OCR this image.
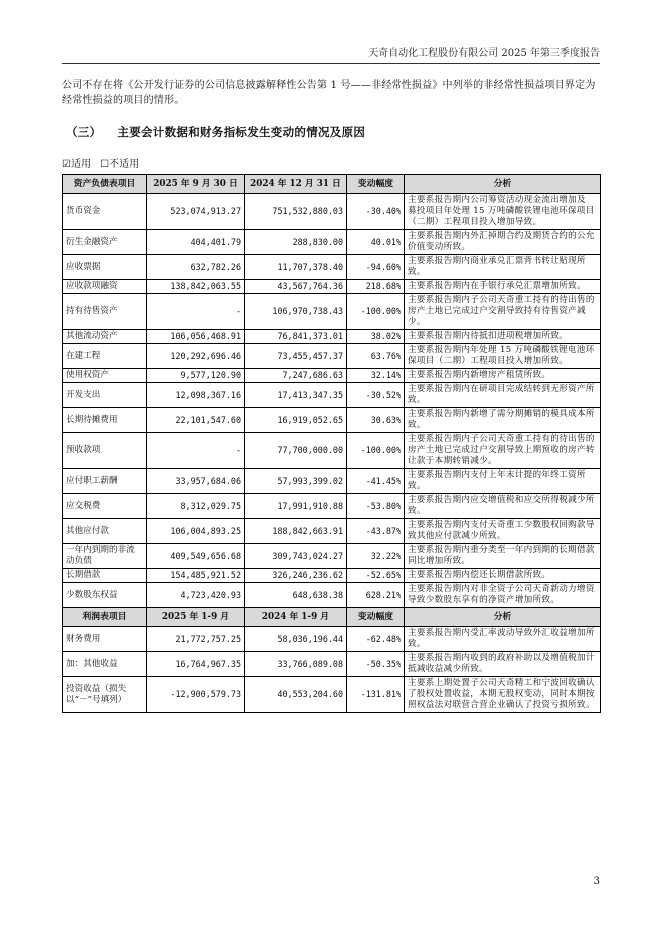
天奇自动化工程股份有限公司 2025 年第三季度报告
公司不存在将《公开发行证券的公司信息披露解释性公告第 1 号——非经常性损益》中列举的非经常性损益项目界定为经常性损益的项目的情形。
（三） 主要会计数据和财务指标发生变动的情况及原因
☑适用 ☐不适用
资产负债表项目	2025 年 9 月 30 日	2024 年 12 月 31 日	变动幅度	分析
货币资金	523,074,913.27	751,532,880.03	-30.40%	主要系报告期内公司筹资活动现金流出增加及　募投项目年处理 15 万吨磷酸铁锂电池环保项目（二期）工程项目投入增加导致。
衍生金融资产	404,401.79	288,830.00	40.01%	主要系报告期内外汇掉期合约及期货合约的公允价值变动所致。
应收票据	632,782.26	11,707,378.40	-94.60%	主要系报告期内商业承兑汇票背书转让贴现所致。
应收款项融资	138,842,063.55	43,567,764.36	218.68%	主要系报告期内在手银行承兑汇票增加所致。
持有待售资产	-	106,970,738.43	-100.00%	主要系报告期内子公司天奇重工持有的待出售的房产土地已完成过户交割导致持有待售资产减少。
其他流动资产	106,056,468.91	76,841,373.01	38.02%	主要系报告期内待抵扣进项税增加所致。
在建工程	120,292,696.46	73,455,457.37	63.76%	主要系报告期内年处理 15 万吨磷酸铁锂电池环保项目（二期）工程项目投入增加所致。
使用权资产	9,577,120.90	7,247,686.63	32.14%	主要系报告期内新增房产租赁所致。
开发支出	12,098,367.16	17,413,347.35	-30.52%	主要系报告期内在研项目完成结转到无形资产所致。
长期待摊费用	22,101,547.60	16,919,052.65	30.63%	主要系报告期内新增了需分期摊销的模具成本所致。
预收款项	-	77,700,000.00	-100.00%	主要系报告期内子公司天奇重工持有的待出售的房产土地已完成过户交割导致上期预收的房产转让款于本期转销减少。
应付职工薪酬	33,957,684.06	57,993,399.02	-41.45%	主要系报告期内支付上年末计提的年终工资所致。
应交税费	8,312,029.75	17,991,910.88	-53.80%	主要系报告期内应交增值税和应交所得税减少所致。
其他应付款	106,004,893.25	188,842,663.91	-43.87%	主要系报告期内支付天奇重工少数股权回购款导致其他应付款减少所致。
一年内到期的非流动负债	409,549,656.68	309,743,024.27	32.22%	主要系报告期内重分类至一年内到期的长期借款同比增加所致。
长期借款	154,485,921.52	326,246,236.62	-52.65%	主要系报告期内偿还长期借款所致。
少数股东权益	4,723,420.93	648,638.38	628.21%	主要系报告期内对非全资子公司天奇新动力增资导致少数股东享有的净资产增加所致。
利润表项目	2025 年 1-9 月	2024 年 1-9 月	变动幅度	分析
财务费用	21,772,757.25	58,036,196.44	-62.48%	主要系报告期内受汇率波动导致外汇收益增加所致。
加：其他收益	16,764,967.35	33,766,089.08	-50.35%	主要系报告期内收到的政府补助以及增值税加计抵减收益减少所致。
投资收益（损失以“－”号填列）	-12,900,579.73	40,553,204.60	-131.81%	主要系上期处置子公司天奇精工和宁波回收确认了股权处置收益，本期无股权变动，同时本期按照权益法对联营合营企业确认了投资亏损所致。
3
